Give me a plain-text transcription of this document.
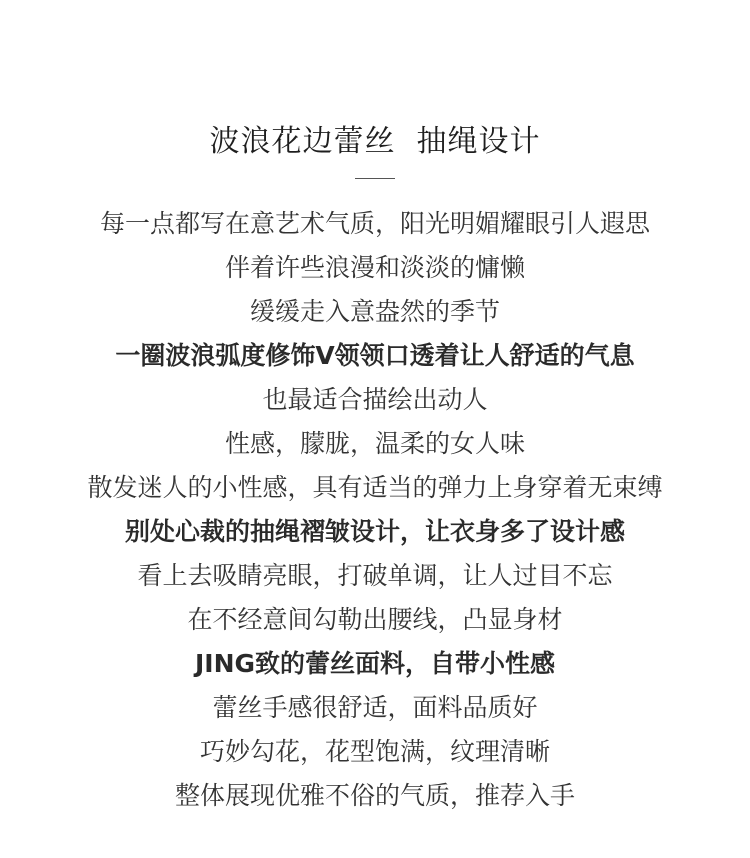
波浪花边蕾丝  抽绳设计
每一点都写在意艺术气质，阳光明媚耀眼引人遐思
伴着许些浪漫和淡淡的慵懒
缓缓走入意盎然的季节
一圈波浪弧度修饰V领领口透着让人舒适的气息
也最适合描绘出动人
性感，朦胧，温柔的女人味
散发迷人的小性感，具有适当的弹力上身穿着无束缚
别处心裁的抽绳褶皱设计，让衣身多了设计感
看上去吸睛亮眼，打破单调，让人过目不忘
在不经意间勾勒出腰线，凸显身材
JING致的蕾丝面料，自带小性感
蕾丝手感很舒适，面料品质好
巧妙勾花，花型饱满，纹理清晰
整体展现优雅不俗的气质，推荐入手
